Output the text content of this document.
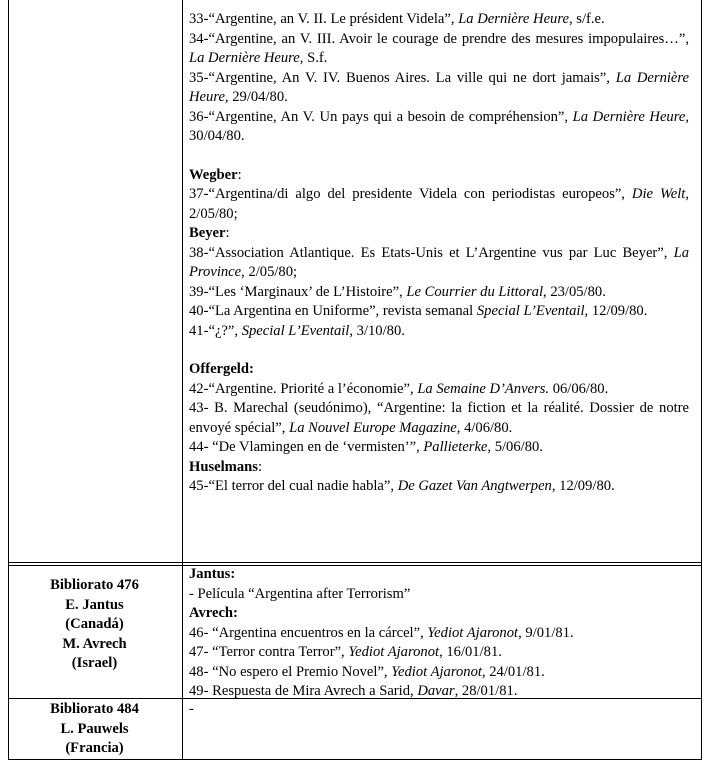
33-“Argentine, an V. II. Le président Videla”, La Dernière Heure, s/f.e.
34-“Argentine, an V. III. Avoir le courage de prendre des mesures impopulaires…”, La Dernière Heure, S.f.
35-“Argentine, An V. IV. Buenos Aires. La ville qui ne dort jamais”, La Dernière Heure, 29/04/80.
36-“Argentine, An V. Un pays qui a besoin de compréhension”, La Dernière Heure, 30/04/80.
Wegber:
37-“Argentina/di algo del presidente Videla con periodistas europeos”, Die Welt, 2/05/80;
Beyer:
38-“Association Atlantique. Es Etats-Unis et L’Argentine vus par Luc Beyer”, La Province, 2/05/80;
39-“Les ‘Marginaux’ de L’Histoire”, Le Courrier du Littoral, 23/05/80.
40-“La Argentina en Uniforme”, revista semanal Special L’Eventail, 12/09/80.
41-“¿?”, Special L’Eventail, 3/10/80.
Offergeld:
42-“Argentine. Priorité a l’économie”, La Semaine D’Anvers. 06/06/80.
43- B. Marechal (seudónimo), “Argentine: la fiction et la réalité. Dossier de notre envoyé spécial”, La Nouvel Europe Magazine, 4/06/80.
44- “De Vlamingen en de ‘vermisten’”, Pallieterke, 5/06/80.
Huselmans:
45-“El terror del cual nadie habla”, De Gazet Van Angtwerpen, 12/09/80.
Bibliorato 476
E. Jantus
(Canadá)
M. Avrech
(Israel)
Jantus:
- Película “Argentina after Terrorism”
Avrech:
46- “Argentina encuentros en la cárcel”, Yediot Ajaronot, 9/01/81.
47- “Terror contra Terror”, Yediot Ajaronot, 16/01/81.
48- “No espero el Premio Novel”, Yediot Ajaronot, 24/01/81.
49- Respuesta de Mira Avrech a Sarid, Davar, 28/01/81.
Bibliorato 484
L. Pauwels
(Francia)
-
